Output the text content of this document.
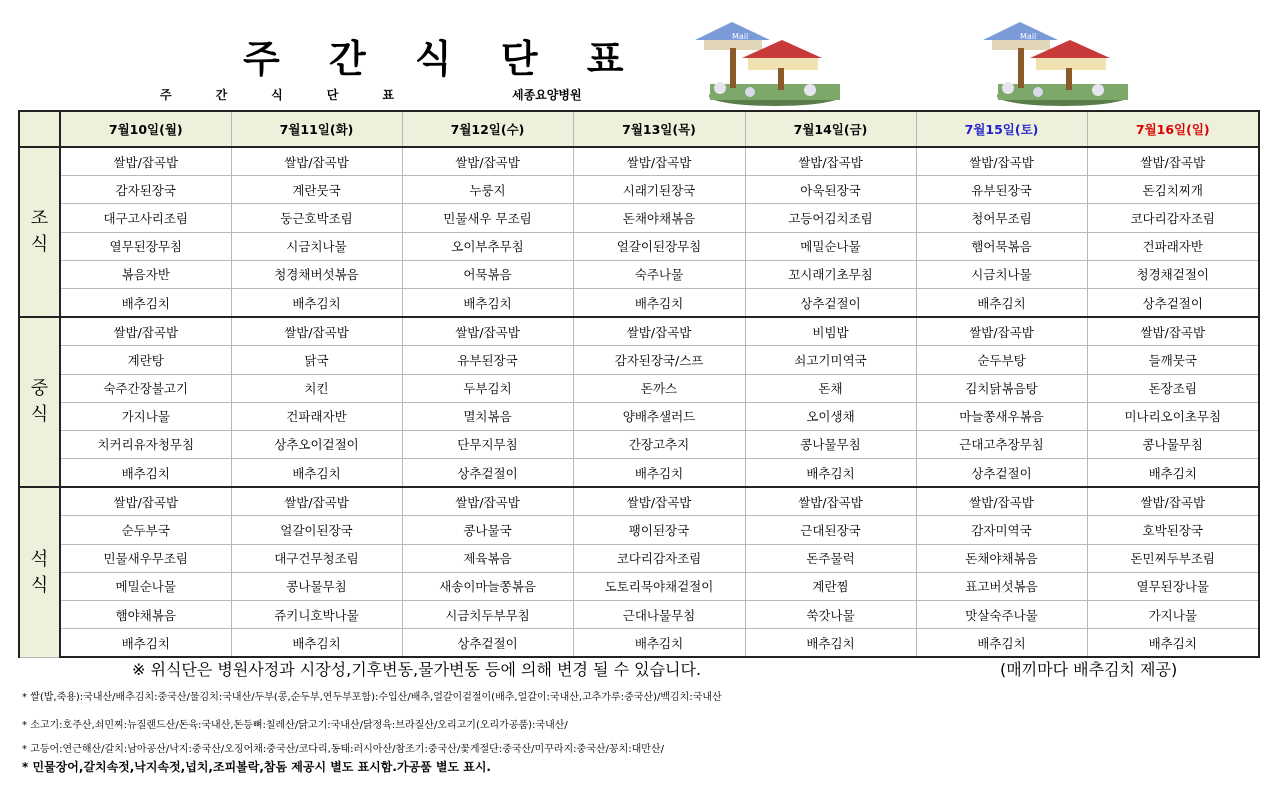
주 간 식 단 표
주간식단표	세종요양병원
Mail	Mail
	7월10일(월)	7월11일(화)	7월12일(수)	7월13일(목)	7월14일(금)	7월15일(토)	7월16일(일)
조
식	쌀밥/잡곡밥	쌀밥/잡곡밥	쌀밥/잡곡밥	쌀밥/잡곡밥	쌀밥/잡곡밥	쌀밥/잡곡밥	쌀밥/잡곡밥
	감자된장국	계란뭇국	누룽지	시래기된장국	아욱된장국	유부된장국	돈김치찌개
	대구고사리조림	둥근호박조림	민물새우 무조림	돈채야채볶음	고등어김치조림	청어무조림	코다리감자조림
	열무된장무침	시금치나물	오이부추무침	얼갈이된장무침	메밀순나물	햄어묵볶음	건파래자반
	볶음자반	청경채버섯볶음	어묵볶음	숙주나물	꼬시래기초무침	시금치나물	청경채겉절이
	배추김치	배추김치	배추김치	배추김치	상추겉절이	배추김치	상추겉절이
중
식	쌀밥/잡곡밥	쌀밥/잡곡밥	쌀밥/잡곡밥	쌀밥/잡곡밥	비빔밥	쌀밥/잡곡밥	쌀밥/잡곡밥
	계란탕	닭국	유부된장국	감자된장국/스프	쇠고기미역국	순두부탕	들깨뭇국
	숙주간장불고기	치킨	두부김치	돈까스	돈채	김치닭볶음탕	돈장조림
	가지나물	건파래자반	멸치볶음	양배추샐러드	오이생채	마늘쫑새우볶음	미나리오이초무침
	치커리유자청무침	상추오이겉절이	단무지무침	간장고추지	콩나물무침	근대고추장무침	콩나물무침
	배추김치	배추김치	상추겉절이	배추김치	배추김치	상추겉절이	배추김치
석
식	쌀밥/잡곡밥	쌀밥/잡곡밥	쌀밥/잡곡밥	쌀밥/잡곡밥	쌀밥/잡곡밥	쌀밥/잡곡밥	쌀밥/잡곡밥
	순두부국	얼갈이된장국	콩나물국	팽이된장국	근대된장국	감자미역국	호박된장국
	민물새우무조림	대구건무청조림	제육볶음	코다리감자조림	돈주물럭	돈채야채볶음	돈민찌두부조림
	메밀순나물	콩나물무침	새송이마늘쫑볶음	도토리묵야채겉절이	계란찜	표고버섯볶음	열무된장나물
	햄야채볶음	쥬키니호박나물	시금치두부무침	근대나물무침	쑥갓나물	맛살숙주나물	가지나물
	배추김치	배추김치	상추겉절이	배추김치	배추김치	배추김치	배추김치
※ 위식단은 병원사정과 시장성,기후변동,물가변동 등에 의해 변경 될 수 있습니다.	(매끼마다 배추김치 제공)
* 쌀(밥,죽용):국내산/배추김치:중국산/물김치:국내산/두부(콩,순두부,연두부포함):수입산/배추,얼갈이겉절이(배추,얼갈이:국내산,고추가루:중국산)/백김치:국내산
* 소고기:호주산,쇠민찌:뉴질랜드산/돈육:국내산,돈등뼈:칠레산/닭고기:국내산/닭정육:브라질산/오리고기(오리가공품):국내산/
* 고등어:연근해산/갈치:남아공산/낙지:중국산/오징어채:중국산/코다리,동태:러시아산/참조기:중국산/꽃게절단:중국산/미꾸라지:중국산/꽁치:대만산/
* 민물장어,갈치속젓,낙지속젓,넙치,조피볼락,참돔 제공시 별도 표시함.가공품 별도 표시.
